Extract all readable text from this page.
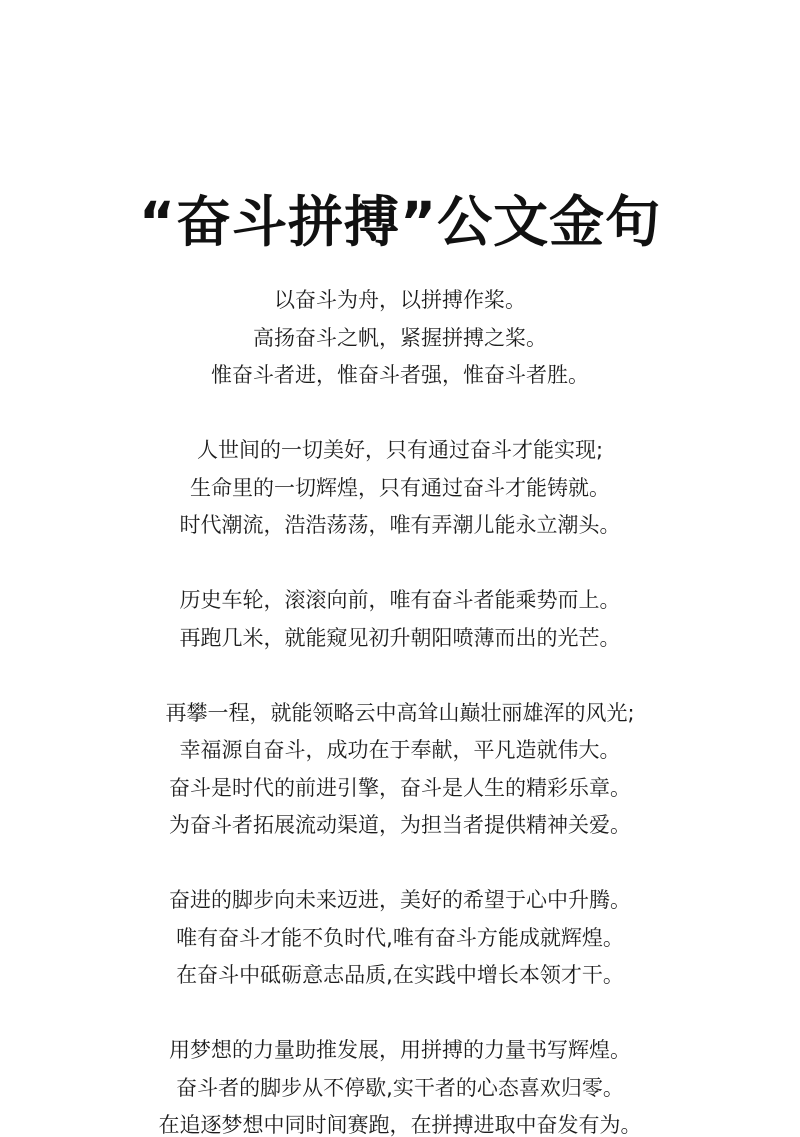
“奋斗拼搏”公文金句
以奋斗为舟，以拼搏作桨。
高扬奋斗之帆，紧握拼搏之桨。
惟奋斗者进，惟奋斗者强，惟奋斗者胜。
人世间的一切美好，只有通过奋斗才能实现;
生命里的一切辉煌，只有通过奋斗才能铸就。
时代潮流，浩浩荡荡，唯有弄潮儿能永立潮头。
历史车轮，滚滚向前，唯有奋斗者能乘势而上。
再跑几米，就能窥见初升朝阳喷薄而出的光芒。
再攀一程，就能领略云中高耸山巅壮丽雄浑的风光;
幸福源自奋斗，成功在于奉献，平凡造就伟大。
奋斗是时代的前进引擎，奋斗是人生的精彩乐章。
为奋斗者拓展流动渠道，为担当者提供精神关爱。
奋进的脚步向未来迈进，美好的希望于心中升腾。
唯有奋斗才能不负时代,唯有奋斗方能成就辉煌。
在奋斗中砥砺意志品质,在实践中增长本领才干。
用梦想的力量助推发展，用拼搏的力量书写辉煌。
奋斗者的脚步从不停歇,实干者的心态喜欢归零。
在追逐梦想中同时间赛跑，在拼搏进取中奋发有为。
